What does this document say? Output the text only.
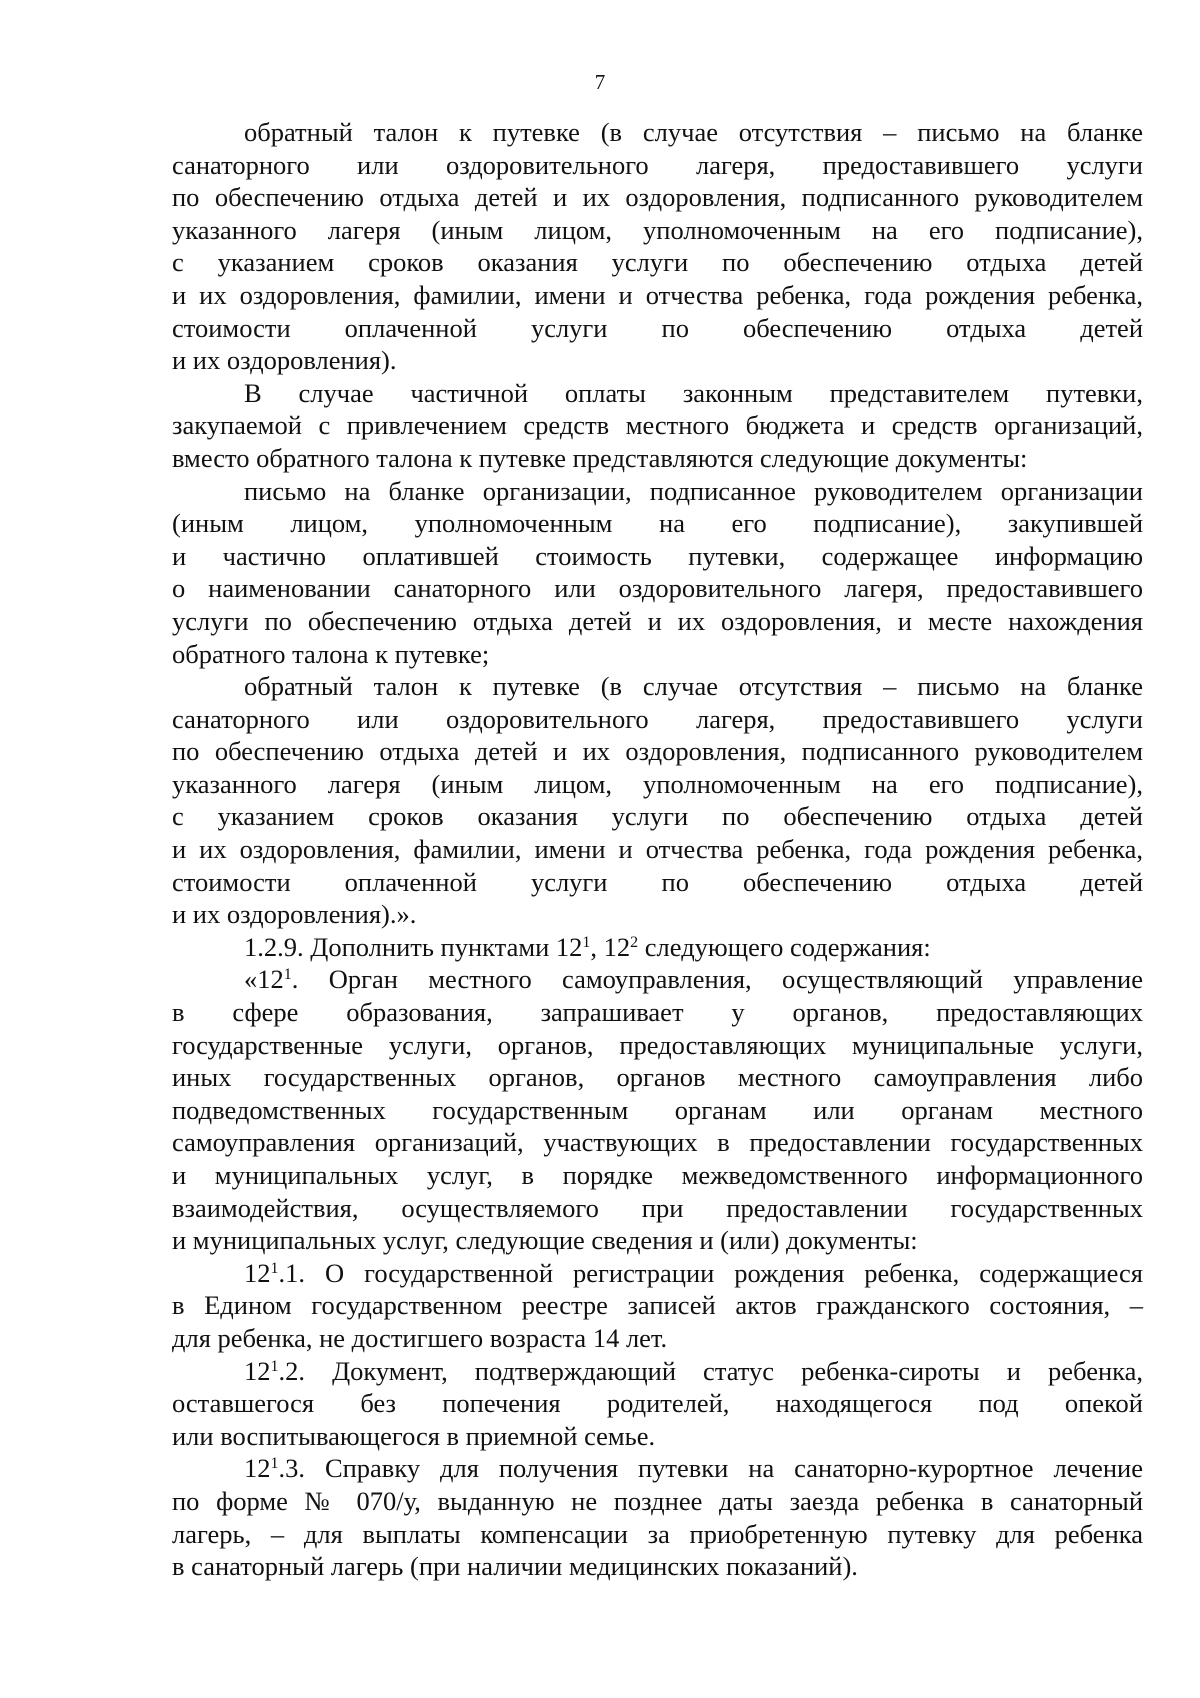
7
обратный талон к путевке (в случае отсутствия – письмо на бланке
санаторного или оздоровительного лагеря, предоставившего услуги
по обеспечению отдыха детей и их оздоровления, подписанного руководителем
указанного лагеря (иным лицом, уполномоченным на его подписание),
с указанием сроков оказания услуги по обеспечению отдыха детей
и их оздоровления, фамилии, имени и отчества ребенка, года рождения ребенка,
стоимости оплаченной услуги по обеспечению отдыха детей
и их оздоровления).
В случае частичной оплаты законным представителем путевки,
закупаемой с привлечением средств местного бюджета и средств организаций,
вместо обратного талона к путевке представляются следующие документы:
письмо на бланке организации, подписанное руководителем организации
(иным лицом, уполномоченным на его подписание), закупившей
и частично оплатившей стоимость путевки, содержащее информацию
о наименовании санаторного или оздоровительного лагеря, предоставившего
услуги по обеспечению отдыха детей и их оздоровления, и месте нахождения
обратного талона к путевке;
обратный талон к путевке (в случае отсутствия – письмо на бланке
санаторного или оздоровительного лагеря, предоставившего услуги
по обеспечению отдыха детей и их оздоровления, подписанного руководителем
указанного лагеря (иным лицом, уполномоченным на его подписание),
с указанием сроков оказания услуги по обеспечению отдыха детей
и их оздоровления, фамилии, имени и отчества ребенка, года рождения ребенка,
стоимости оплаченной услуги по обеспечению отдыха детей
и их оздоровления).».
1.2.9. Дополнить пунктами $12^1$, $12^2$ следующего содержания:
«$12^1$. Орган местного самоуправления, осуществляющий управление
в сфере образования, запрашивает у органов, предоставляющих
государственные услуги, органов, предоставляющих муниципальные услуги,
иных государственных органов, органов местного самоуправления либо
подведомственных государственным органам или органам местного
самоуправления организаций, участвующих в предоставлении государственных
и муниципальных услуг, в порядке межведомственного информационного
взаимодействия, осуществляемого при предоставлении государственных
и муниципальных услуг, следующие сведения и (или) документы:
$12^1.1$. О государственной регистрации рождения ребенка, содержащиеся
в Едином государственном реестре записей актов гражданского состояния, –
для ребенка, не достигшего возраста 14 лет.
$12^1.2$. Документ, подтверждающий статус ребенка-сироты и ребенка,
оставшегося без попечения родителей, находящегося под опекой
или воспитывающегося в приемной семье.
$12^1.3$. Справку для получения путевки на санаторно-курортное лечение
по форме № 070/у, выданную не позднее даты заезда ребенка в санаторный
лагерь, – для выплаты компенсации за приобретенную путевку для ребенка
в санаторный лагерь (при наличии медицинских показаний).
